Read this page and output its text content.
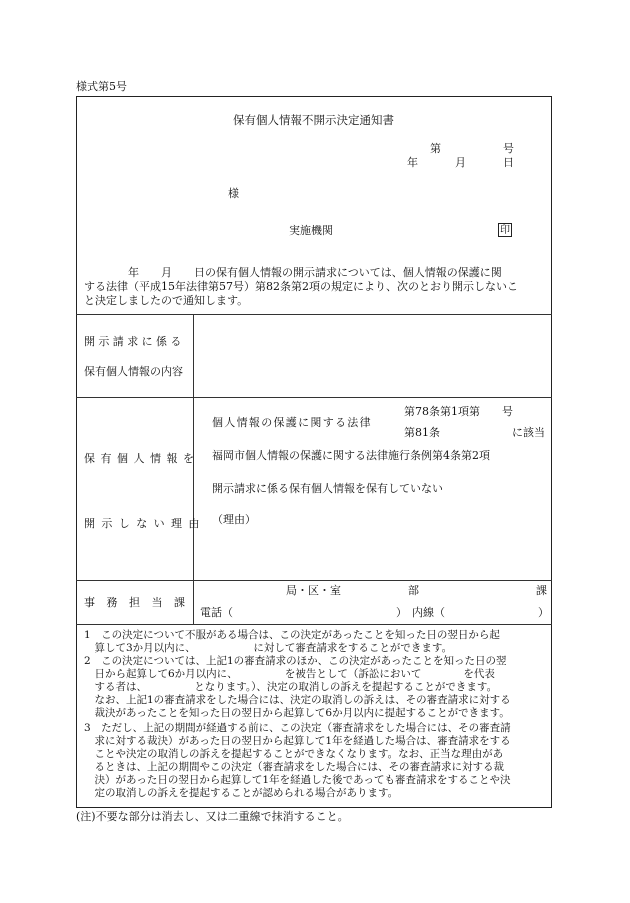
様式第5号
保有個人情報不開示決定通知書
第	号
年	月	日
様
実施機関	印
　　　　年　　月　　日の保有個人情報の開示請求については、個人情報の保護に関
する法律（平成15年法律第57号）第82条第2項の規定により、次のとおり開示しないこ
と決定しましたので通知します。
開示請求に係る
保有個人情報の内容
保有個人情報を
開示しない理由
個人情報の保護に関する法律
第78条第1項第　　号
第81条	に該当
福岡市個人情報の保護に関する法律施行条例第4条第2項
開示請求に係る保有個人情報を保有していない
（理由）
事務担当課
局・区・室	部	課
電話（	） 内線（	）
1　この決定について不服がある場合は、この決定があったことを知った日の翌日から起
　算して3か月以内に、　　　　　　に対して審査請求をすることができます。
2　この決定については、上記1の審査請求のほか、この決定があったことを知った日の翌
　日から起算して6か月以内に、　　　　　を被告として（訴訟において　　　　を代表
　する者は、　　　　　となります。）、決定の取消しの訴えを提起することができます。
　なお、上記1の審査請求をした場合には、決定の取消しの訴えは、その審査請求に対する
　裁決があったことを知った日の翌日から起算して6か月以内に提起することができます。
3　ただし、上記の期間が経過する前に、この決定（審査請求をした場合には、その審査請
　求に対する裁決）があった日の翌日から起算して1年を経過した場合は、審査請求をする
　ことや決定の取消しの訴えを提起することができなくなります。なお、正当な理由があ
　るときは、上記の期間やこの決定（審査請求をした場合には、その審査請求に対する裁
　決）があった日の翌日から起算して1年を経過した後であっても審査請求をすることや決
　定の取消しの訴えを提起することが認められる場合があります。
(注)不要な部分は消去し、又は二重線で抹消すること。
